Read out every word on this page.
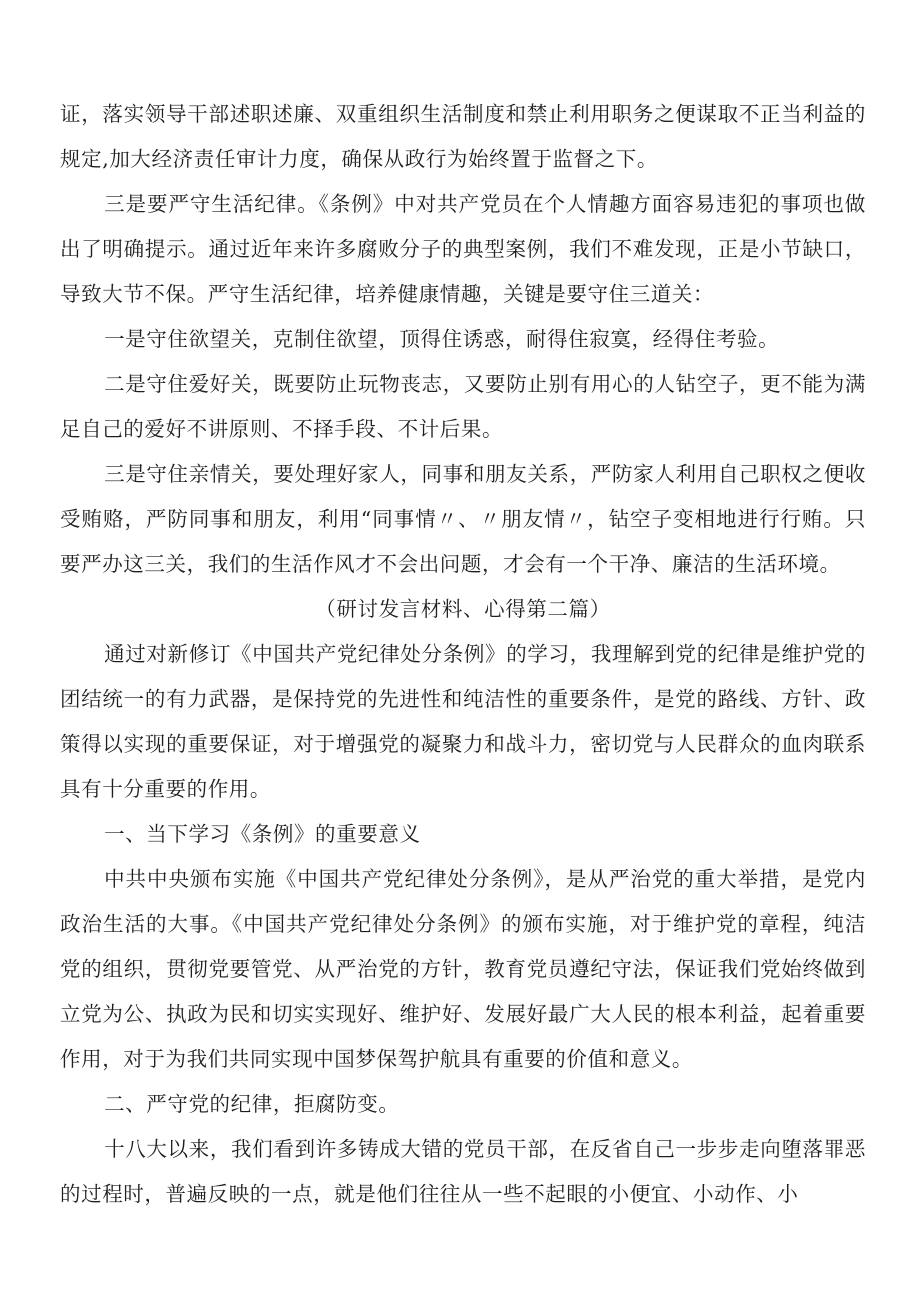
证，落实领导干部述职述廉、双重组织生活制度和禁止利用职务之便谋取不正当利益的规定,加大经济责任审计力度，确保从政行为始终置于监督之下。

三是要严守生活纪律。《条例》中对共产党员在个人情趣方面容易违犯的事项也做出了明确提示。通过近年来许多腐败分子的典型案例，我们不难发现，正是小节缺口，导致大节不保。严守生活纪律，培养健康情趣，关键是要守住三道关：

一是守住欲望关，克制住欲望，顶得住诱惑，耐得住寂寞，经得住考验。

二是守住爱好关，既要防止玩物丧志，又要防止别有用心的人钻空子，更不能为满足自己的爱好不讲原则、不择手段、不计后果。

三是守住亲情关，要处理好家人，同事和朋友关系，严防家人利用自己职权之便收受贿赂，严防同事和朋友，利用“同事情〃、〃朋友情〃，钻空子变相地进行行贿。只要严办这三关，我们的生活作风才不会出问题，才会有一个干净、廉洁的生活环境。

（研讨发言材料、心得第二篇）

通过对新修订《中国共产党纪律处分条例》的学习，我理解到党的纪律是维护党的团结统一的有力武器，是保持党的先进性和纯洁性的重要条件，是党的路线、方针、政策得以实现的重要保证，对于增强党的凝聚力和战斗力，密切党与人民群众的血肉联系具有十分重要的作用。

一、当下学习《条例》的重要意义

中共中央颁布实施《中国共产党纪律处分条例》，是从严治党的重大举措，是党内政治生活的大事。《中国共产党纪律处分条例》的颁布实施，对于维护党的章程，纯洁党的组织，贯彻党要管党、从严治党的方针，教育党员遵纪守法，保证我们党始终做到立党为公、执政为民和切实实现好、维护好、发展好最广大人民的根本利益，起着重要作用，对于为我们共同实现中国梦保驾护航具有重要的价值和意义。

二、严守党的纪律，拒腐防变。

十八大以来，我们看到许多铸成大错的党员干部，在反省自己一步步走向堕落罪恶的过程时，普遍反映的一点，就是他们往往从一些不起眼的小便宜、小动作、小
